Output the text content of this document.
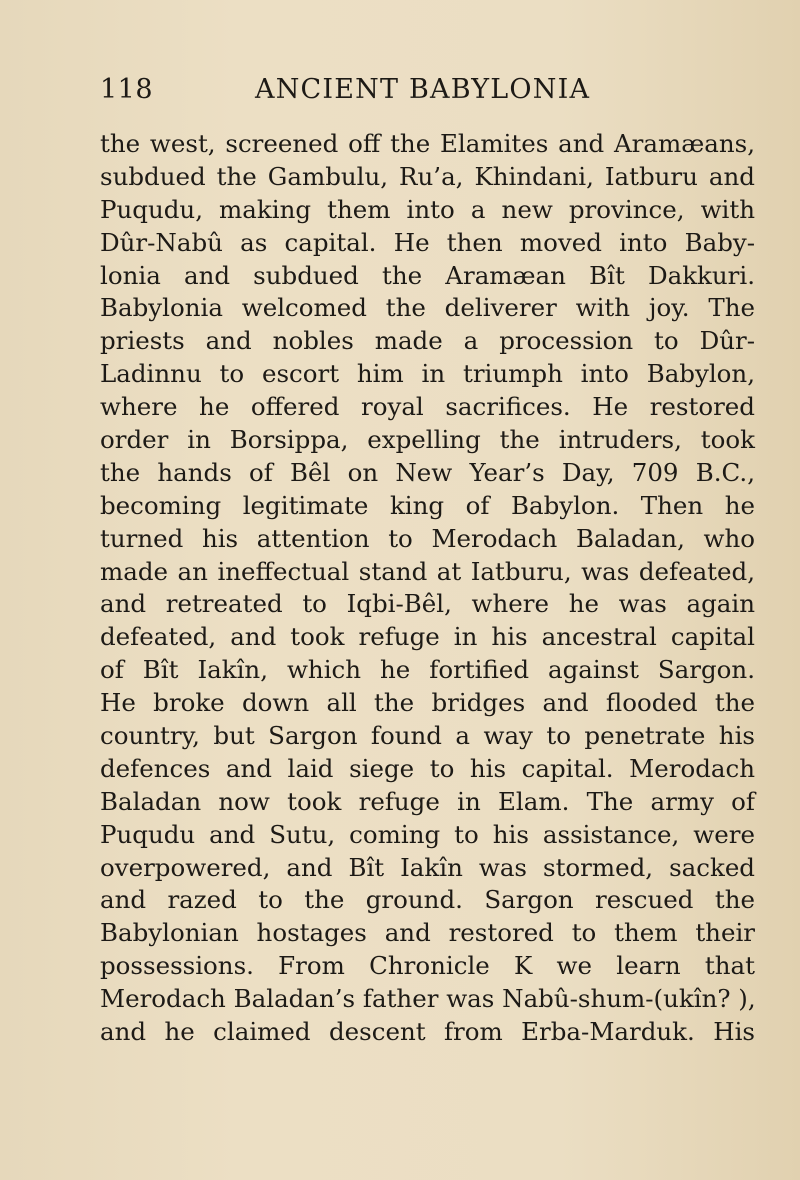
118	ANCIENT BABYLONIA
the west, screened off the Elamites and Aramæans,
subdued the Gambulu, Ru’a, Khindani, Iatburu and
Puqudu, making them into a new province, with
Dûr-Nabû as capital. He then moved into Baby-
lonia and subdued the Aramæan Bît Dakkuri.
Babylonia welcomed the deliverer with joy. The
priests and nobles made a procession to Dûr-
Ladinnu to escort him in triumph into Babylon,
where he offered royal sacrifices. He restored
order in Borsippa, expelling the intruders, took
the hands of Bêl on New Year’s Day, 709 B.C.,
becoming legitimate king of Babylon. Then he
turned his attention to Merodach Baladan, who
made an ineffectual stand at Iatburu, was defeated,
and retreated to Iqbi-Bêl, where he was again
defeated, and took refuge in his ancestral capital
of Bît Iakîn, which he fortified against Sargon.
He broke down all the bridges and flooded the
country, but Sargon found a way to penetrate his
defences and laid siege to his capital. Merodach
Baladan now took refuge in Elam. The army of
Puqudu and Sutu, coming to his assistance, were
overpowered, and Bît Iakîn was stormed, sacked
and razed to the ground. Sargon rescued the
Babylonian hostages and restored to them their
possessions. From Chronicle K we learn that
Merodach Baladan’s father was Nabû-shum-(ukîn? ),
and he claimed descent from Erba-Marduk. His
